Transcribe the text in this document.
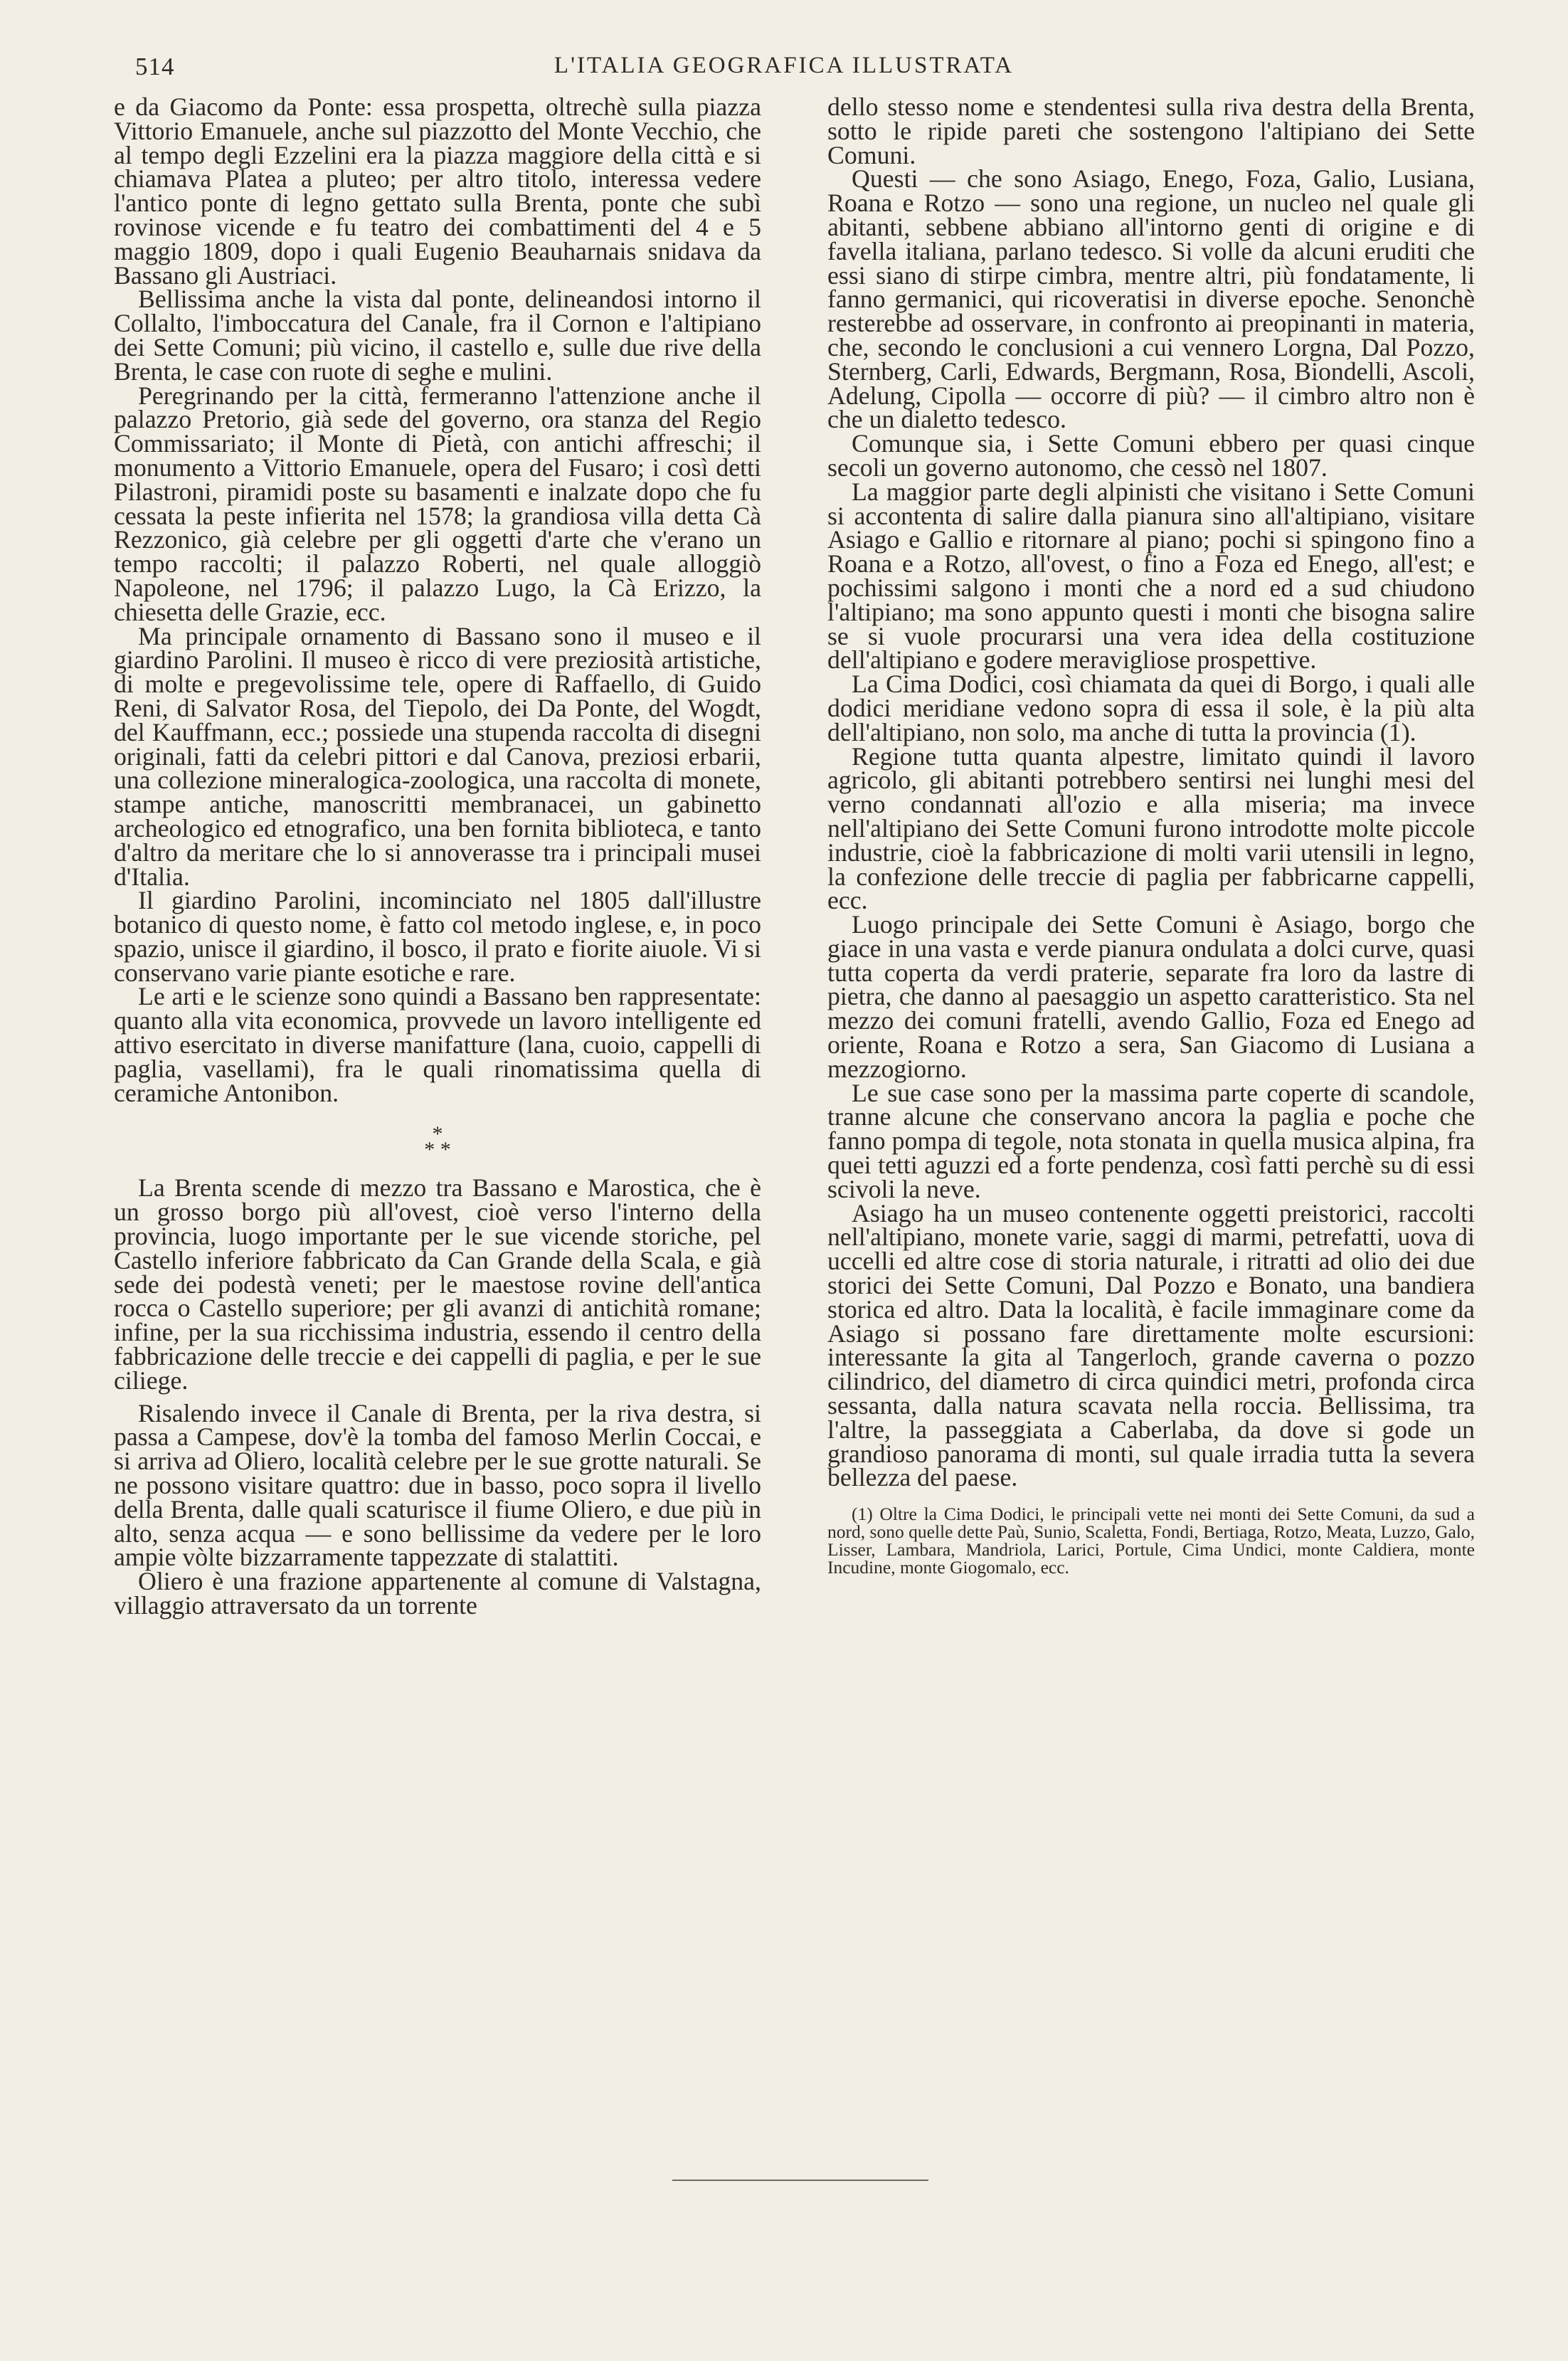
514	L'ITALIA GEOGRAFICA ILLUSTRATA

e da Giacomo da Ponte: essa prospetta, oltrechè sulla piazza Vittorio Emanuele, anche sul piazzotto del Monte Vecchio, che al tempo degli Ezzelini era la piazza maggiore della città e si chiamava Platea a pluteo; per altro titolo, interessa vedere l'antico ponte di legno gettato sulla Brenta, ponte che subì rovinose vicende e fu teatro dei combattimenti del 4 e 5 maggio 1809, dopo i quali Eugenio Beauharnais snidava da Bassano gli Austriaci.

Bellissima anche la vista dal ponte, delineandosi intorno il Collalto, l'imboccatura del Canale, fra il Cornon e l'altipiano dei Sette Comuni; più vicino, il castello e, sulle due rive della Brenta, le case con ruote di seghe e mulini.

Peregrinando per la città, fermeranno l'attenzione anche il palazzo Pretorio, già sede del governo, ora stanza del Regio Commissariato; il Monte di Pietà, con antichi affreschi; il monumento a Vittorio Emanuele, opera del Fusaro; i così detti Pilastroni, piramidi poste su basamenti e inalzate dopo che fu cessata la peste infierita nel 1578; la grandiosa villa detta Cà Rezzonico, già celebre per gli oggetti d'arte che v'erano un tempo raccolti; il palazzo Roberti, nel quale alloggiò Napoleone, nel 1796; il palazzo Lugo, la Cà Erizzo, la chiesetta delle Grazie, ecc.

Ma principale ornamento di Bassano sono il museo e il giardino Parolini. Il museo è ricco di vere preziosità artistiche, di molte e pregevolissime tele, opere di Raffaello, di Guido Reni, di Salvator Rosa, del Tiepolo, dei Da Ponte, del Wogdt, del Kauffmann, ecc.; possiede una stupenda raccolta di disegni originali, fatti da celebri pittori e dal Canova, preziosi erbarii, una collezione mineralogica-zoologica, una raccolta di monete, stampe antiche, manoscritti membranacei, un gabinetto archeologico ed etnografico, una ben fornita biblioteca, e tanto d'altro da meritare che lo si annoverasse tra i principali musei d'Italia.

Il giardino Parolini, incominciato nel 1805 dall'illustre botanico di questo nome, è fatto col metodo inglese, e, in poco spazio, unisce il giardino, il bosco, il prato e fiorite aiuole. Vi si conservano varie piante esotiche e rare.

Le arti e le scienze sono quindi a Bassano ben rappresentate: quanto alla vita economica, provvede un lavoro intelligente ed attivo esercitato in diverse manifatture (lana, cuoio, cappelli di paglia, vasellami), fra le quali rinomatissima quella di ceramiche Antonibon.

*
* *

La Brenta scende di mezzo tra Bassano e Marostica, che è un grosso borgo più all'ovest, cioè verso l'interno della provincia, luogo importante per le sue vicende storiche, pel Castello inferiore fabbricato da Can Grande della Scala, e già sede dei podestà veneti; per le maestose rovine dell'antica rocca o Castello superiore; per gli avanzi di antichità romane; infine, per la sua ricchissima industria, essendo il centro della fabbricazione delle treccie e dei cappelli di paglia, e per le sue ciliege.

Risalendo invece il Canale di Brenta, per la riva destra, si passa a Campese, dov'è la tomba del famoso Merlin Coccai, e si arriva ad Oliero, località celebre per le sue grotte naturali. Se ne possono visitare quattro: due in basso, poco sopra il livello della Brenta, dalle quali scaturisce il fiume Oliero, e due più in alto, senza acqua — e sono bellissime da vedere per le loro ampie vòlte bizzarramente tappezzate di stalattiti.

Oliero è una frazione appartenente al comune di Valstagna, villaggio attraversato da un torrente

dello stesso nome e stendentesi sulla riva destra della Brenta, sotto le ripide pareti che sostengono l'altipiano dei Sette Comuni.

Questi — che sono Asiago, Enego, Foza, Galio, Lusiana, Roana e Rotzo — sono una regione, un nucleo nel quale gli abitanti, sebbene abbiano all'intorno genti di origine e di favella italiana, parlano tedesco. Si volle da alcuni eruditi che essi siano di stirpe cimbra, mentre altri, più fondatamente, li fanno germanici, qui ricoveratisi in diverse epoche. Senonchè resterebbe ad osservare, in confronto ai preopinanti in materia, che, secondo le conclusioni a cui vennero Lorgna, Dal Pozzo, Sternberg, Carli, Edwards, Bergmann, Rosa, Biondelli, Ascoli, Adelung, Cipolla — occorre di più? — il cimbro altro non è che un dialetto tedesco.

Comunque sia, i Sette Comuni ebbero per quasi cinque secoli un governo autonomo, che cessò nel 1807.

La maggior parte degli alpinisti che visitano i Sette Comuni si accontenta di salire dalla pianura sino all'altipiano, visitare Asiago e Gallio e ritornare al piano; pochi si spingono fino a Roana e a Rotzo, all'ovest, o fino a Foza ed Enego, all'est; e pochissimi salgono i monti che a nord ed a sud chiudono l'altipiano; ma sono appunto questi i monti che bisogna salire se si vuole procurarsi una vera idea della costituzione dell'altipiano e godere meravigliose prospettive.

La Cima Dodici, così chiamata da quei di Borgo, i quali alle dodici meridiane vedono sopra di essa il sole, è la più alta dell'altipiano, non solo, ma anche di tutta la provincia (1).

Regione tutta quanta alpestre, limitato quindi il lavoro agricolo, gli abitanti potrebbero sentirsi nei lunghi mesi del verno condannati all'ozio e alla miseria; ma invece nell'altipiano dei Sette Comuni furono introdotte molte piccole industrie, cioè la fabbricazione di molti varii utensili in legno, la confezione delle treccie di paglia per fabbricarne cappelli, ecc.

Luogo principale dei Sette Comuni è Asiago, borgo che giace in una vasta e verde pianura ondulata a dolci curve, quasi tutta coperta da verdi praterie, separate fra loro da lastre di pietra, che danno al paesaggio un aspetto caratteristico. Sta nel mezzo dei comuni fratelli, avendo Gallio, Foza ed Enego ad oriente, Roana e Rotzo a sera, San Giacomo di Lusiana a mezzogiorno.

Le sue case sono per la massima parte coperte di scandole, tranne alcune che conservano ancora la paglia e poche che fanno pompa di tegole, nota stonata in quella musica alpina, fra quei tetti aguzzi ed a forte pendenza, così fatti perchè su di essi scivoli la neve.

Asiago ha un museo contenente oggetti preistorici, raccolti nell'altipiano, monete varie, saggi di marmi, petrefatti, uova di uccelli ed altre cose di storia naturale, i ritratti ad olio dei due storici dei Sette Comuni, Dal Pozzo e Bonato, una bandiera storica ed altro. Data la località, è facile immaginare come da Asiago si possano fare direttamente molte escursioni: interessante la gita al Tangerloch, grande caverna o pozzo cilindrico, del diametro di circa quindici metri, profonda circa sessanta, dalla natura scavata nella roccia. Bellissima, tra l'altre, la passeggiata a Caberlaba, da dove si gode un grandioso panorama di monti, sul quale irradia tutta la severa bellezza del paese.

(1) Oltre la Cima Dodici, le principali vette nei monti dei Sette Comuni, da sud a nord, sono quelle dette Paù, Sunio, Scaletta, Fondi, Bertiaga, Rotzo, Meata, Luzzo, Galo, Lisser, Lambara, Mandriola, Larici, Portule, Cima Undici, monte Caldiera, monte Incudine, monte Giogomalo, ecc.
